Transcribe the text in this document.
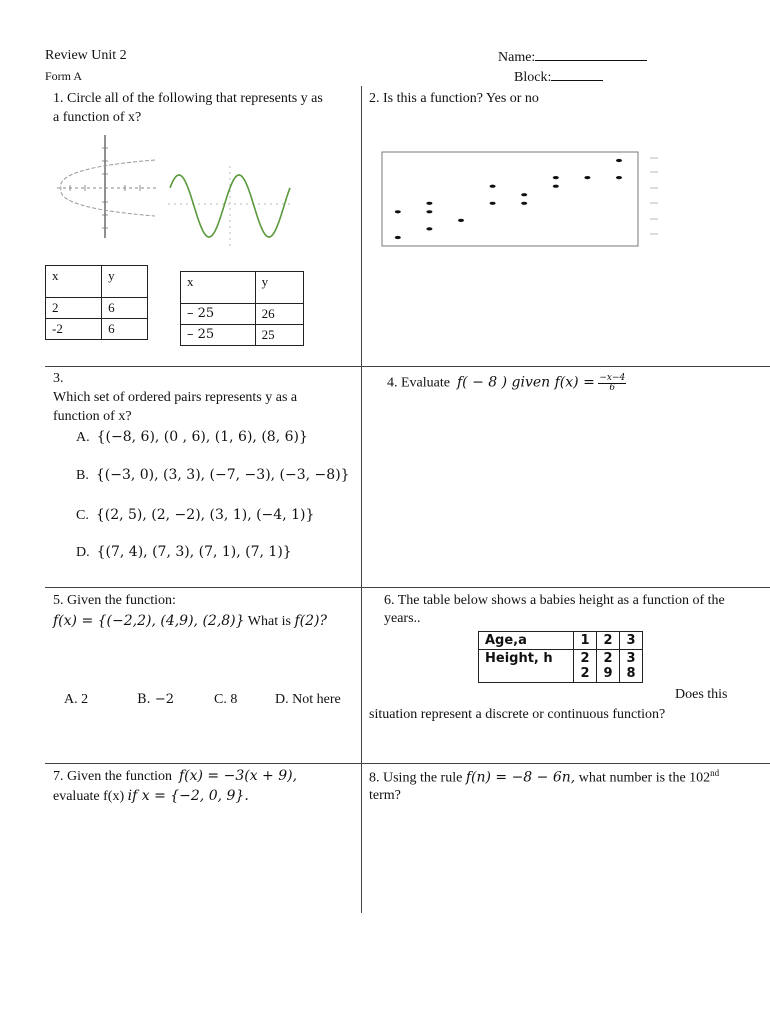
Review Unit 2
Form A
Name:
Block:
1. Circle all of the following that represents y as
a function of x?
x	y
2	6
-2	6
x	y
– 25	26
– 25	25
2. Is this a function? Yes or no
3.
Which set of ordered pairs represents y as a
function of x?
A. {(−8, 6), (0 , 6), (1, 6), (8, 6)}
B. {(−3, 0), (3, 3), (−7, −3), (−3, −8)}
C. {(2, 5), (2, −2), (3, 1), (−4, 1)}
D. {(7, 4), (7, 3), (7, 1), (7, 1)}
4. Evaluate f( − 8 ) given $f(x) = \frac{-x-4}{6}$
5. Given the function:
f(x) = {(−2,2), (4,9), (2,8)} What is f(2)?
A. 2	B. −2	C. 8	D. Not here
6. The table below shows a babies height as a function of the
years..
Age,a	1	2	3
Height, h	22	29	38
Does this
situation represent a discrete or continuous function?
7. Given the function f(x) = −3(x + 9),
evaluate f(x) if x = {−2, 0, 9}.
8. Using the rule f(n) = −8 − 6n, what number is the 102nd
term?
